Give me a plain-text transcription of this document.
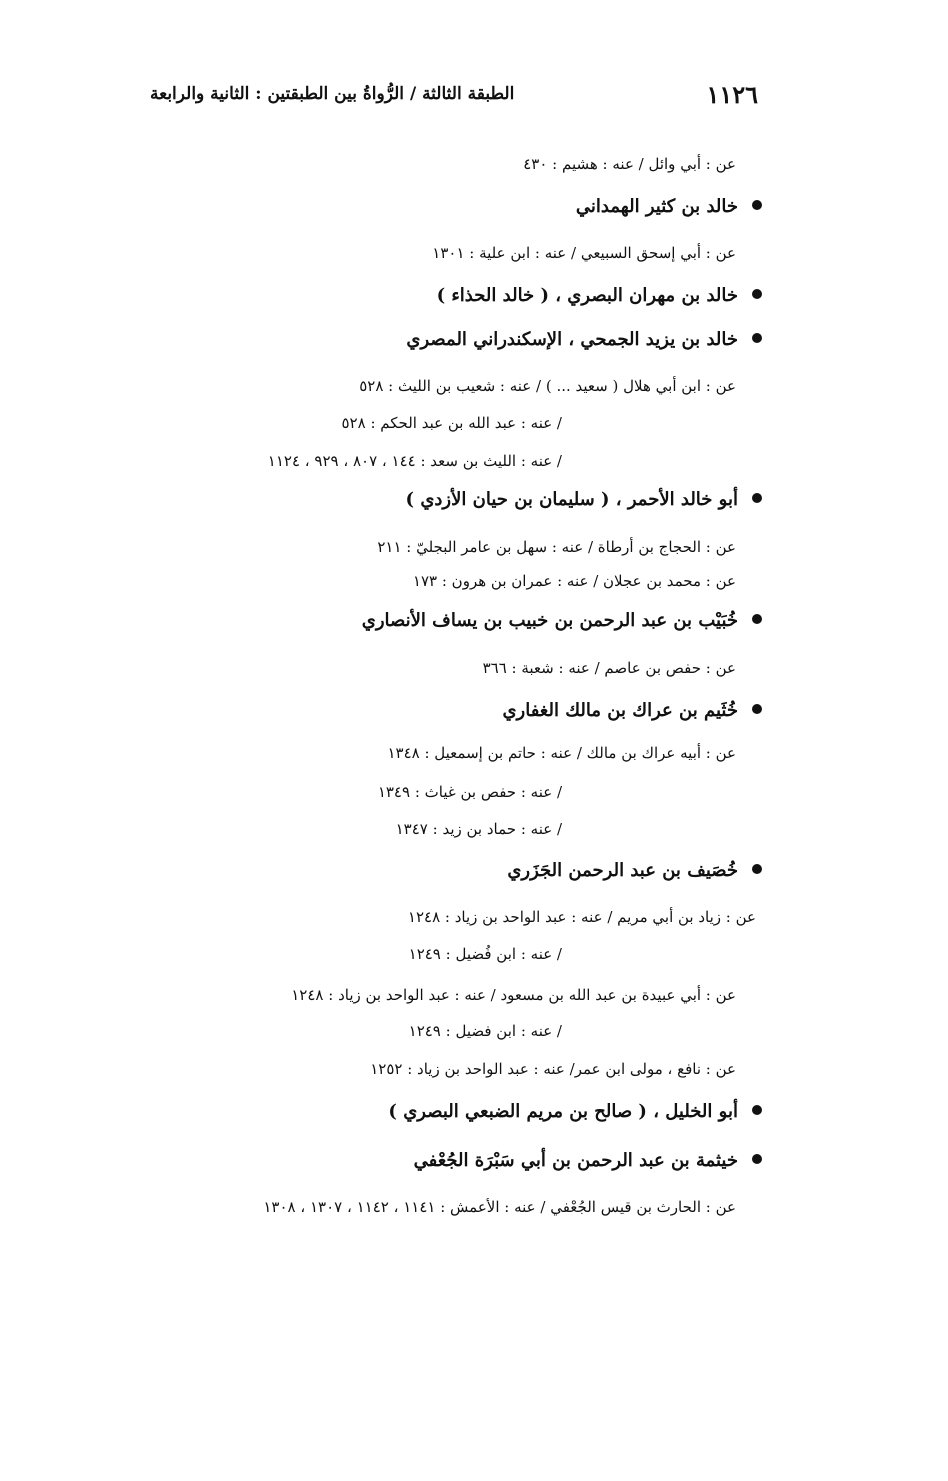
١١٢٦
الطبقة الثالثة / الرُّواةُ بين الطبقتين : الثانية والرابعة
عن : أبي وائل / عنه : هشيم : ٤٣٠
خالد بن كثير الهمداني
عن : أبي إسحق السبيعي / عنه : ابن علية : ١٣٠١
خالد بن مهران البصري ، ( خالد الحذاء )
خالد بن يزيد الجمحي ، الإسكندراني المصري
عن : ابن أبي هلال ( سعيد ... ) / عنه : شعيب بن الليث : ٥٢٨
/ عنه : عبد الله بن عبد الحكم : ٥٢٨
/ عنه : الليث بن سعد : ١٤٤ ، ٨٠٧ ، ٩٢٩ ، ١١٢٤
أبو خالد الأحمر ، ( سليمان بن حيان الأزدي )
عن : الحجاج بن أرطاة / عنه : سهل بن عامر البجليّ : ٢١١
عن : محمد بن عجلان / عنه : عمران بن هرون : ١٧٣
خُبَيْب بن عبد الرحمن بن خبيب بن يساف الأنصاري
عن : حفص بن عاصم / عنه : شعبة : ٣٦٦
خُثَيم بن عراك بن مالك الغفاري
عن : أبيه عراك بن مالك / عنه : حاتم بن إسمعيل : ١٣٤٨
/ عنه : حفص بن غياث : ١٣٤٩
/ عنه : حماد بن زيد : ١٣٤٧
خُصَيف بن عبد الرحمن الجَزَري
عن : زياد بن أبي مريم / عنه : عبد الواحد بن زياد : ١٢٤٨
/ عنه : ابن فُضيل : ١٢٤٩
عن : أبي عبيدة بن عبد الله بن مسعود / عنه : عبد الواحد بن زياد : ١٢٤٨
/ عنه : ابن فضيل : ١٢٤٩
عن : نافع ، مولى ابن عمر/ عنه : عبد الواحد بن زياد : ١٢٥٢
أبو الخليل ، ( صالح بن مريم الضبعي البصري )
خيثمة بن عبد الرحمن بن أبي سَبْرَة الجُعْفي
عن : الحارث بن قيس الجُعْفي / عنه : الأعمش : ١١٤١ ، ١١٤٢ ، ١٣٠٧ ، ١٣٠٨
